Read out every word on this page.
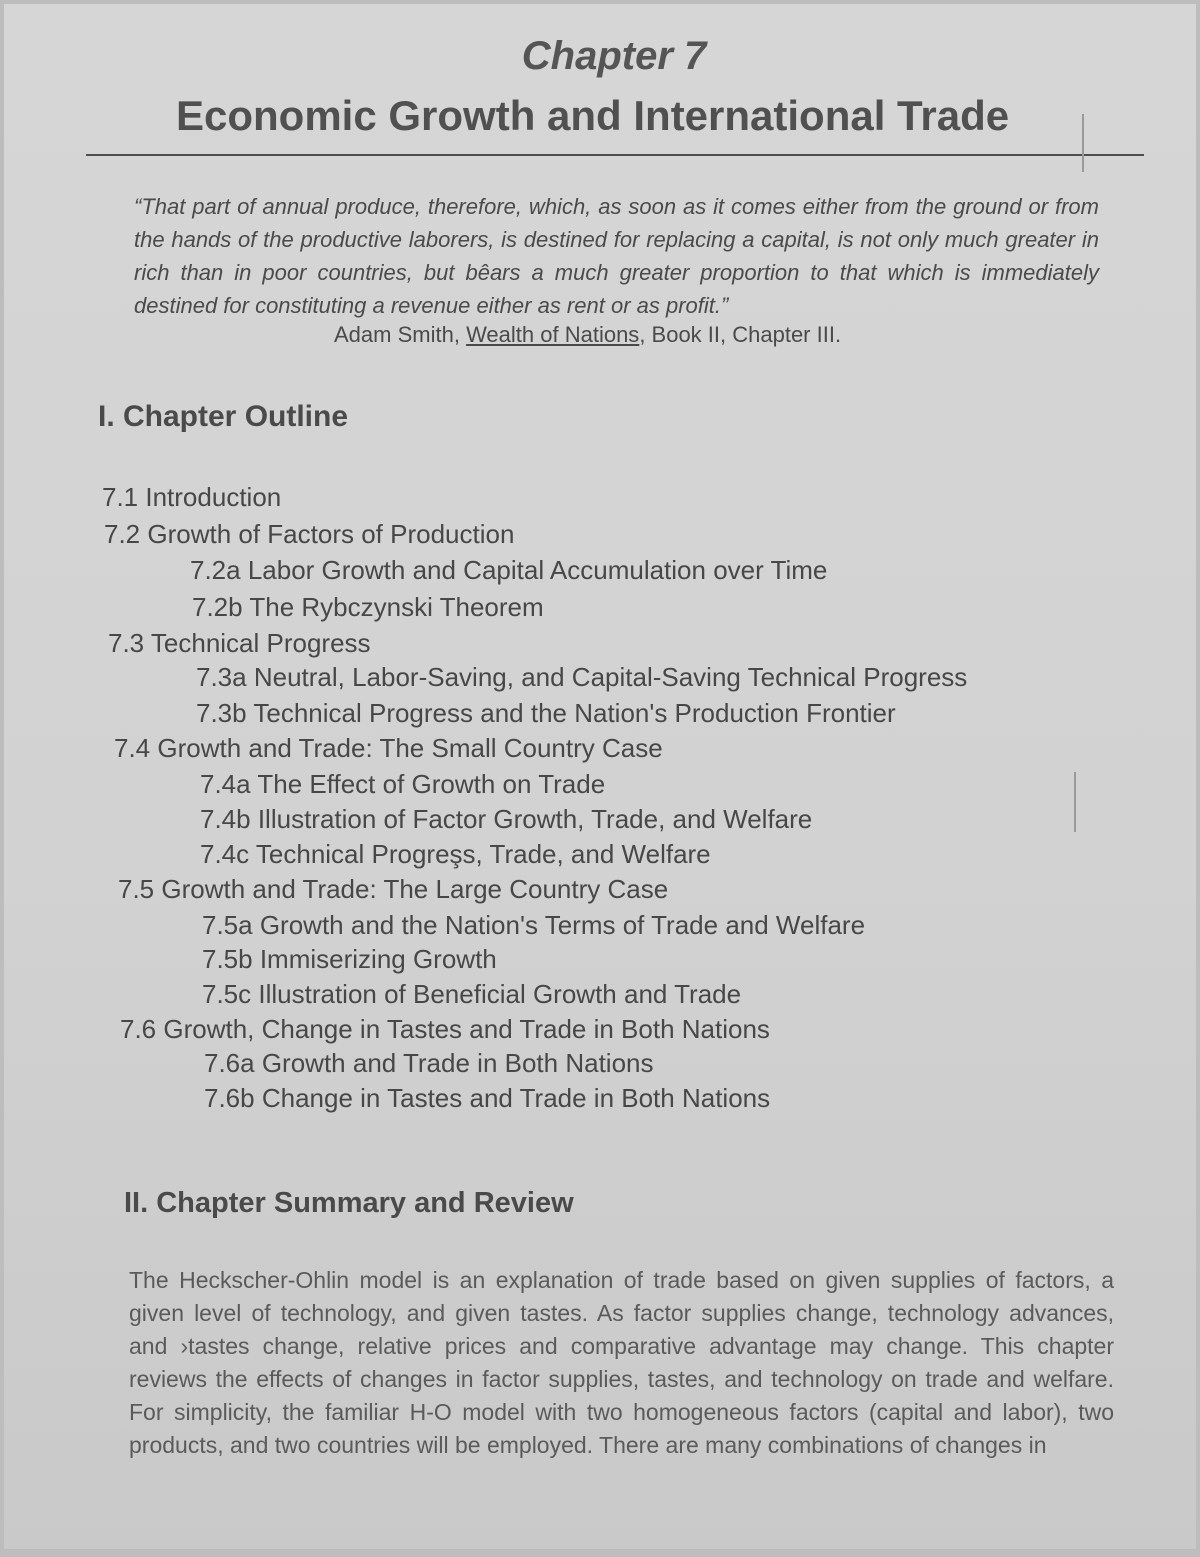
Chapter 7
Economic Growth and International Trade

“That part of annual produce, therefore, which, as soon as it comes either from the ground or from the hands of the productive laborers, is destined for replacing a capital, is not only much greater in rich than in poor countries, but bêars a much greater proportion to that which is immediately destined for constituting a revenue either as rent or as profit.”

Adam Smith, Wealth of Nations, Book II, Chapter III.
I. Chapter Outline
7.1 Introduction
7.2 Growth of Factors of Production
7.2a Labor Growth and Capital Accumulation over Time
7.2b The Rybczynski Theorem
7.3 Technical Progress
7.3a Neutral, Labor-Saving, and Capital-Saving Technical Progress
7.3b Technical Progress and the Nation's Production Frontier
7.4 Growth and Trade: The Small Country Case
7.4a The Effect of Growth on Trade
7.4b Illustration of Factor Growth, Trade, and Welfare
7.4c Technical Progreşs, Trade, and Welfare
7.5 Growth and Trade: The Large Country Case
7.5a Growth and the Nation's Terms of Trade and Welfare
7.5b Immiserizing Growth
7.5c Illustration of Beneficial Growth and Trade
7.6 Growth, Change in Tastes and Trade in Both Nations
7.6a Growth and Trade in Both Nations
7.6b Change in Tastes and Trade in Both Nations
II. Chapter Summary and Review

The Heckscher-Ohlin model is an explanation of trade based on given supplies of factors, a given level of technology, and given tastes. As factor supplies change, technology advances, and ›tastes change, relative prices and comparative advantage may change. This chapter reviews the effects of changes in factor supplies, tastes, and technology on trade and welfare. For simplicity, the familiar H-O model with two homogeneous factors (capital and labor), two products, and two countries will be employed. There are many combinations of changes in
